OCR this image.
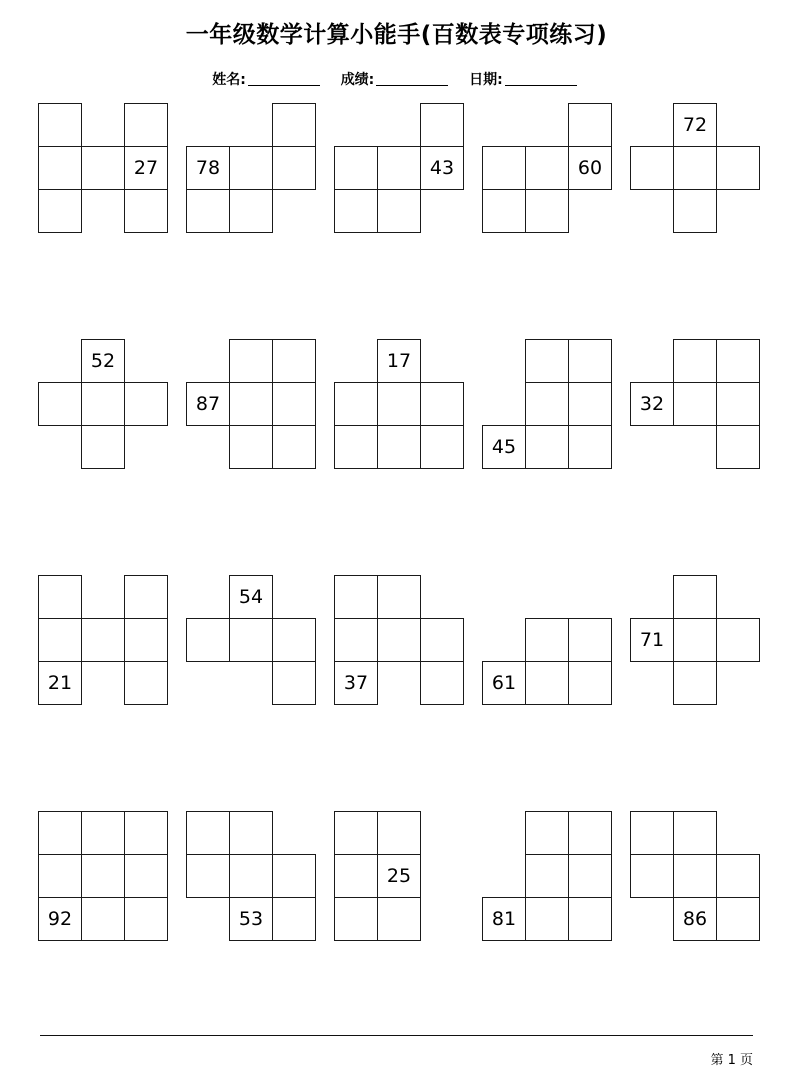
一年级数学计算小能手(百数表专项练习)
姓名:	成绩:	日期:
27	78	43	60
72
52
87
17
45
32
21
54
37	61
71
92	53
25
81	86
第 1 页
